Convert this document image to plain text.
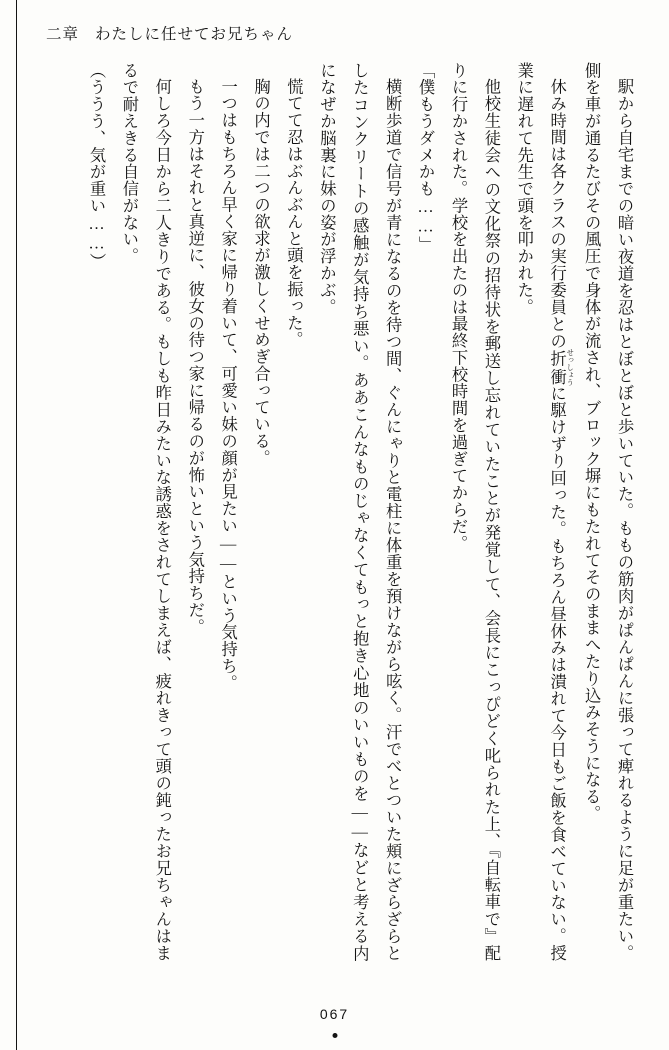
二章 わたしに任せてお兄ちゃん

駅から自宅までの暗い夜道を忍はとぼとぼと歩いていた。ももの筋肉がぱんぱんに張って痺れるように足が重たい。側を車が通るたびその風圧で身体が流され、ブロック塀にもたれてそのままへたり込みそうになる。

休み時間は各クラスの実行委員との折衝 せっしょうに駆けずり回った。もちろん昼休みは潰れて今日もご飯を食べていない。授業に遅れて先生で頭を叩かれた。

他校生徒会への文化祭の招待状を郵送し忘れていたことが発覚して、会長にこっぴどく叱られた上、『自転車で』配りに行かされた。学校を出たのは最終下校時間を過ぎてからだ。

「僕もうダメかも……」

横断歩道で信号が青になるのを待つ間、ぐんにゃりと電柱に体重を預けながら呟く。汗でべとついた頬にざらざらとしたコンクリートの感触が気持ち悪い。ああこんなものじゃなくてもっと抱き心地のいいものを――などと考える内になぜか脳裏に妹の姿が浮かぶ。

慌てて忍はぶんぶんと頭を振った。

胸の内では二つの欲求が激しくせめぎ合っている。

一つはもちろん早く家に帰り着いて、可愛い妹の顔が見たい――という気持ち。

もう一方はそれと真逆に、彼女の待つ家に帰るのが怖いという気持ちだ。

何しろ今日から二人きりである。もしも昨日みたいな誘惑をされてしまえば、疲れきって頭の鈍ったお兄ちゃんはまるで耐えきる自信がない。

（ううう、気が重い……）

067
